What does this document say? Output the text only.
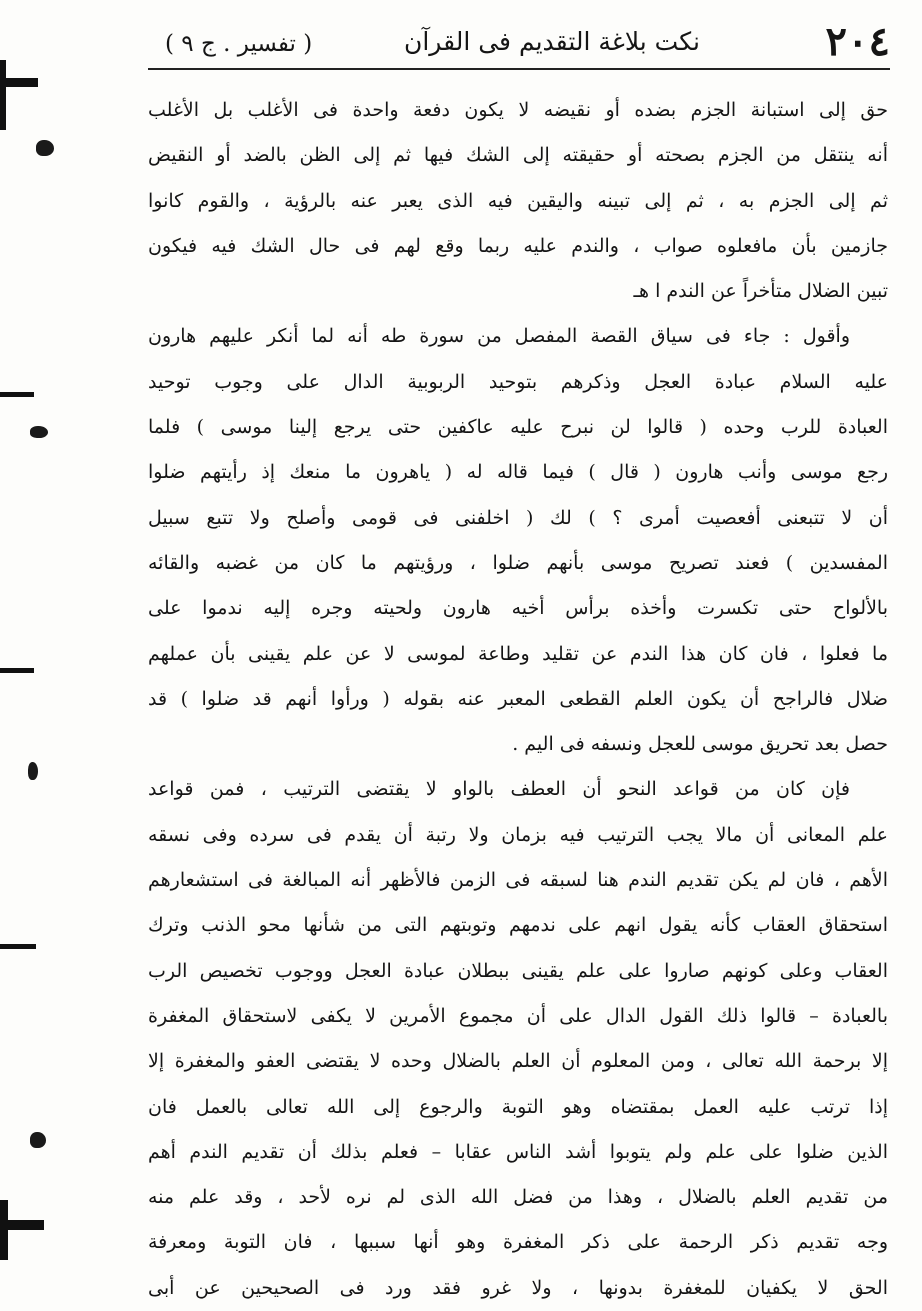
٢٠٤
نكت بلاغة التقديم فى القرآن
( تفسير . ج ٩ )
حق إلى استبانة الجزم بضده أو نقيضه لا يكون دفعة واحدة فى الأغلب بل الأغلب
أنه ينتقل من الجزم بصحته أو حقيقته إلى الشك فيها ثم إلى الظن بالضد أو النقيض
ثم إلى الجزم به ، ثم إلى تبينه واليقين فيه الذى يعبر عنه بالرؤية ، والقوم كانوا
جازمين بأن مافعلوه صواب ، والندم عليه ربما وقع لهم فى حال الشك فيه فيكون
تبين الضلال متأخراً عن الندم ا هـ
وأقول : جاء فى سياق القصة المفصل من سورة طه أنه لما أنكر عليهم هارون
عليه السلام عبادة العجل وذكرهم بتوحيد الربوبية الدال على وجوب توحيد
العبادة للرب وحده ( قالوا لن نبرح عليه عاكفين حتى يرجع إلينا موسى ) فلما
رجع موسى وأنب هارون ( قال ) فيما قاله له ( ياهرون ما منعك إذ رأيتهم ضلوا
أن لا تتبعنى أفعصيت أمرى ؟ ) لك ( اخلفنى فى قومى وأصلح ولا تتبع سبيل
المفسدين ) فعند تصريح موسى بأنهم ضلوا ، ورؤيتهم ما كان من غضبه والقائه
بالألواح حتى تكسرت وأخذه برأس أخيه هارون ولحيته وجره إليه ندموا على
ما فعلوا ، فان كان هذا الندم عن تقليد وطاعة لموسى لا عن علم يقينى بأن عملهم
ضلال فالراجح أن يكون العلم القطعى المعبر عنه بقوله ( ورأوا أنهم قد ضلوا ) قد
حصل بعد تحريق موسى للعجل ونسفه فى اليم .
فإن كان من قواعد النحو أن العطف بالواو لا يقتضى الترتيب ، فمن قواعد
علم المعانى أن مالا يجب الترتيب فيه بزمان ولا رتبة أن يقدم فى سرده وفى نسقه
الأهم ، فان لم يكن تقديم الندم هنا لسبقه فى الزمن فالأظهر أنه المبالغة فى استشعارهم
استحقاق العقاب كأنه يقول انهم على ندمهم وتوبتهم التى من شأنها محو الذنب وترك
العقاب وعلى كونهم صاروا على علم يقينى ببطلان عبادة العجل ووجوب تخصيص الرب
بالعبادة – قالوا ذلك القول الدال على أن مجموع الأمرين لا يكفى لاستحقاق المغفرة
إلا برحمة الله تعالى ، ومن المعلوم أن العلم بالضلال وحده لا يقتضى العفو والمغفرة إلا
إذا ترتب عليه العمل بمقتضاه وهو التوبة والرجوع إلى الله تعالى بالعمل فان
الذين ضلوا على علم ولم يتوبوا أشد الناس عقابا – فعلم بذلك أن تقديم الندم أهم
من تقديم العلم بالضلال ، وهذا من فضل الله الذى لم نره لأحد ، وقد علم منه
وجه تقديم ذكر الرحمة على ذكر المغفرة وهو أنها سببها ، فان التوبة ومعرفة
الحق لا يكفيان للمغفرة بدونها ، ولا غرو فقد ورد فى الصحيحين عن أبى
